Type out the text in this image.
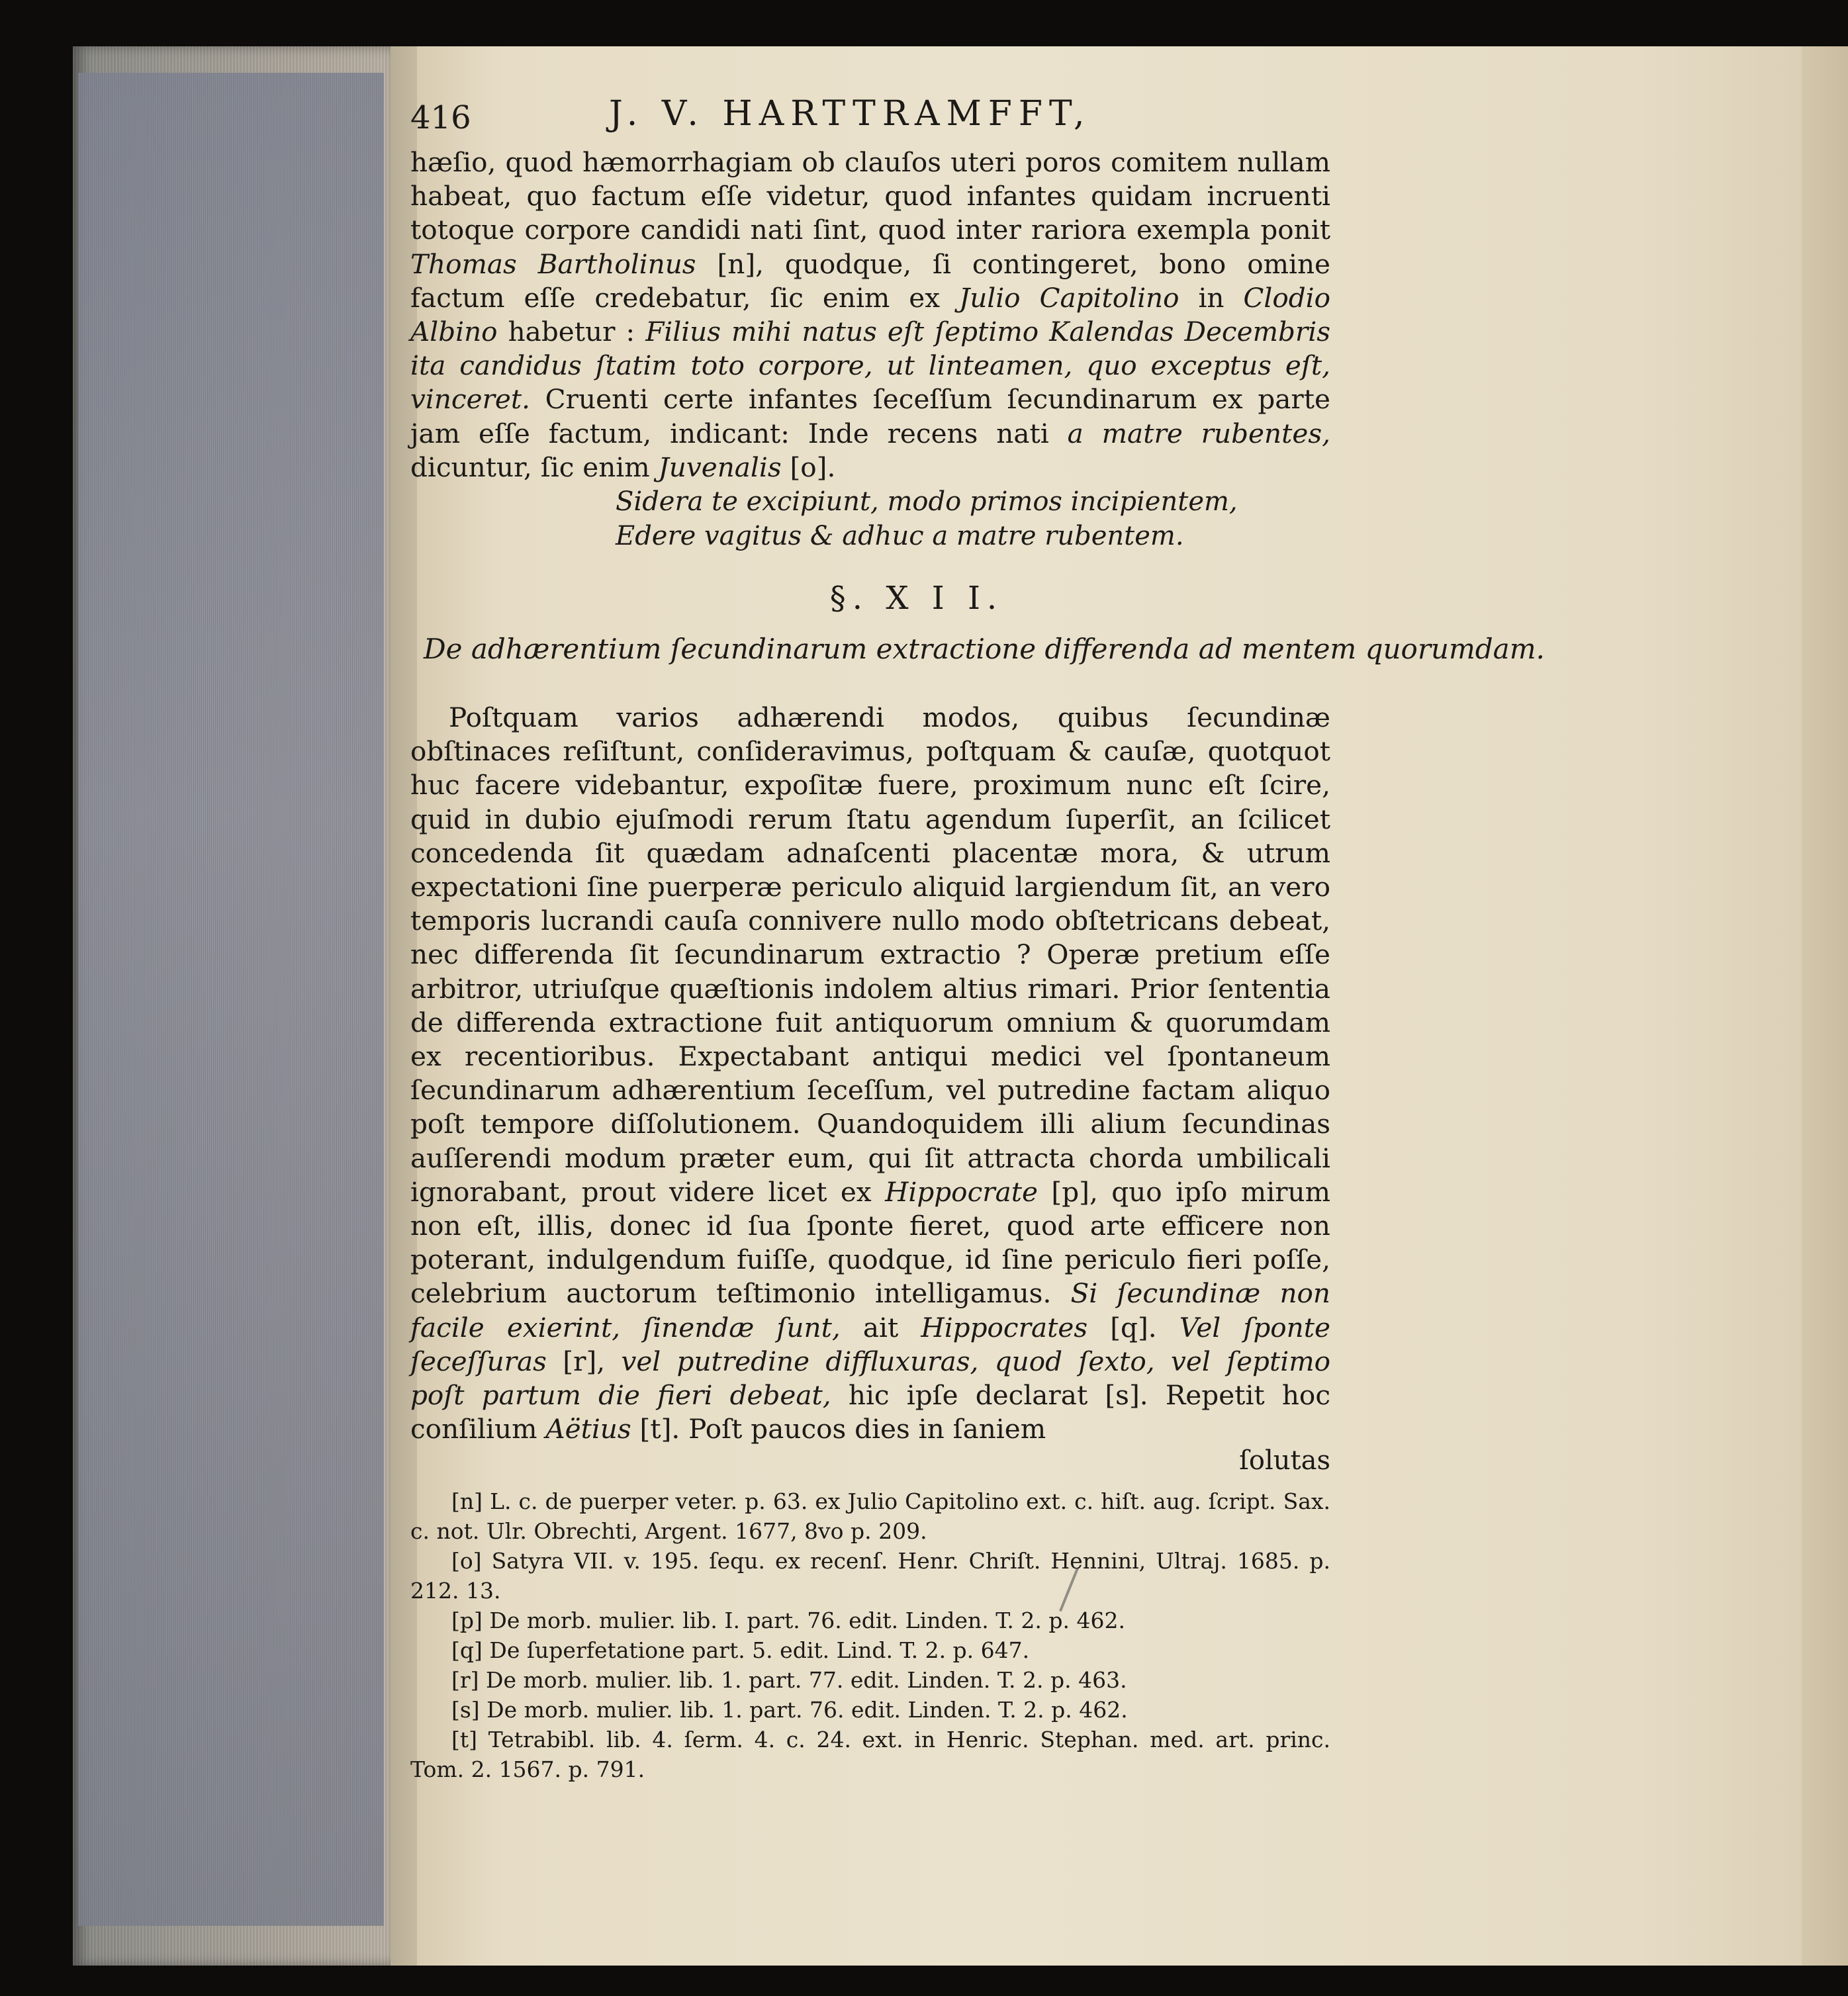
416	J. V. HARTTRAMFFT,

hæſio, quod hæmorrhagiam ob clauſos uteri poros comitem nullam habeat, quo factum eſſe videtur, quod infantes quidam incruenti totoque corpore candidi nati ſint, quod inter rariora exempla ponit Thomas Bartholinus [n], quodque, ſi contingeret, bono omine factum eſſe credebatur, ſic enim ex Julio Capitolino in Clodio Albino habetur : Filius mihi natus eſt ſeptimo Kalendas Decembris ita candidus ſtatim toto corpore, ut linteamen, quo exceptus eſt, vinceret. Cruenti certe infantes ſeceſſum ſecundinarum ex parte jam eſſe factum, indicant: Inde recens nati a matre rubentes, dicuntur, ſic enim Juvenalis [o].

Sidera te excipiunt, modo primos incipientem,
Edere vagitus & adhuc a matre rubentem.
§. X I I.
De adhærentium ſecundinarum extractione differenda ad mentem quorumdam.

Poſtquam varios adhærendi modos, quibus ſecundinæ obſtinaces reſiſtunt, conſideravimus, poſtquam & cauſæ, quotquot huc facere videbantur, expoſitæ fuere, proximum nunc eſt ſcire, quid in dubio ejuſmodi rerum ſtatu agendum ſuperſit, an ſcilicet concedenda ſit quædam adnaſcenti placentæ mora, & utrum expectationi ſine puerperæ periculo aliquid largiendum ſit, an vero temporis lucrandi cauſa connivere nullo modo obſtetricans debeat, nec differenda ſit ſecundinarum extractio ? Operæ pretium eſſe arbitror, utriuſque quæſtionis indolem altius rimari. Prior ſententia de differenda extractione fuit antiquorum omnium & quorumdam ex recentioribus. Expectabant antiqui medici vel ſpontaneum ſecundinarum adhærentium ſeceſſum, vel putredine factam aliquo poſt tempore diſſolutionem. Quandoquidem illi alium ſecundinas auſſerendi modum præter eum, qui ſit attracta chorda umbilicali ignorabant, prout videre licet ex Hippocrate [p], quo ipſo mirum non eſt, illis, donec id ſua ſponte fieret, quod arte efficere non poterant, indulgendum fuiſſe, quodque, id ſine periculo fieri poſſe, celebrium auctorum teſtimonio intelligamus. Si ſecundinæ non facile exierint, ſinendæ ſunt, ait Hippocrates [q]. Vel ſponte ſeceſſuras [r], vel putredine diffluxuras, quod ſexto, vel ſeptimo poſt partum die fieri debeat, hic ipſe declarat [s]. Repetit hoc conſilium Aëtius [t]. Poſt paucos dies in ſaniem

ſolutas

[n] L. c. de puerper veter. p. 63. ex Julio Capitolino ext. c. hiſt. aug. ſcript. Sax. c. not. Ulr. Obrechti, Argent. 1677, 8vo p. 209.

[o] Satyra VII. v. 195. ſequ. ex recenſ. Henr. Chriſt. Hennini, Ultraj. 1685. p. 212. 13.

[p] De morb. mulier. lib. I. part. 76. edit. Linden. T. 2. p. 462.

[q] De ſuperfetatione part. 5. edit. Lind. T. 2. p. 647.

[r] De morb. mulier. lib. 1. part. 77. edit. Linden. T. 2. p. 463.

[s] De morb. mulier. lib. 1. part. 76. edit. Linden. T. 2. p. 462.

[t] Tetrabibl. lib. 4. ſerm. 4. c. 24. ext. in Henric. Stephan. med. art. princ. Tom. 2. 1567. p. 791.
